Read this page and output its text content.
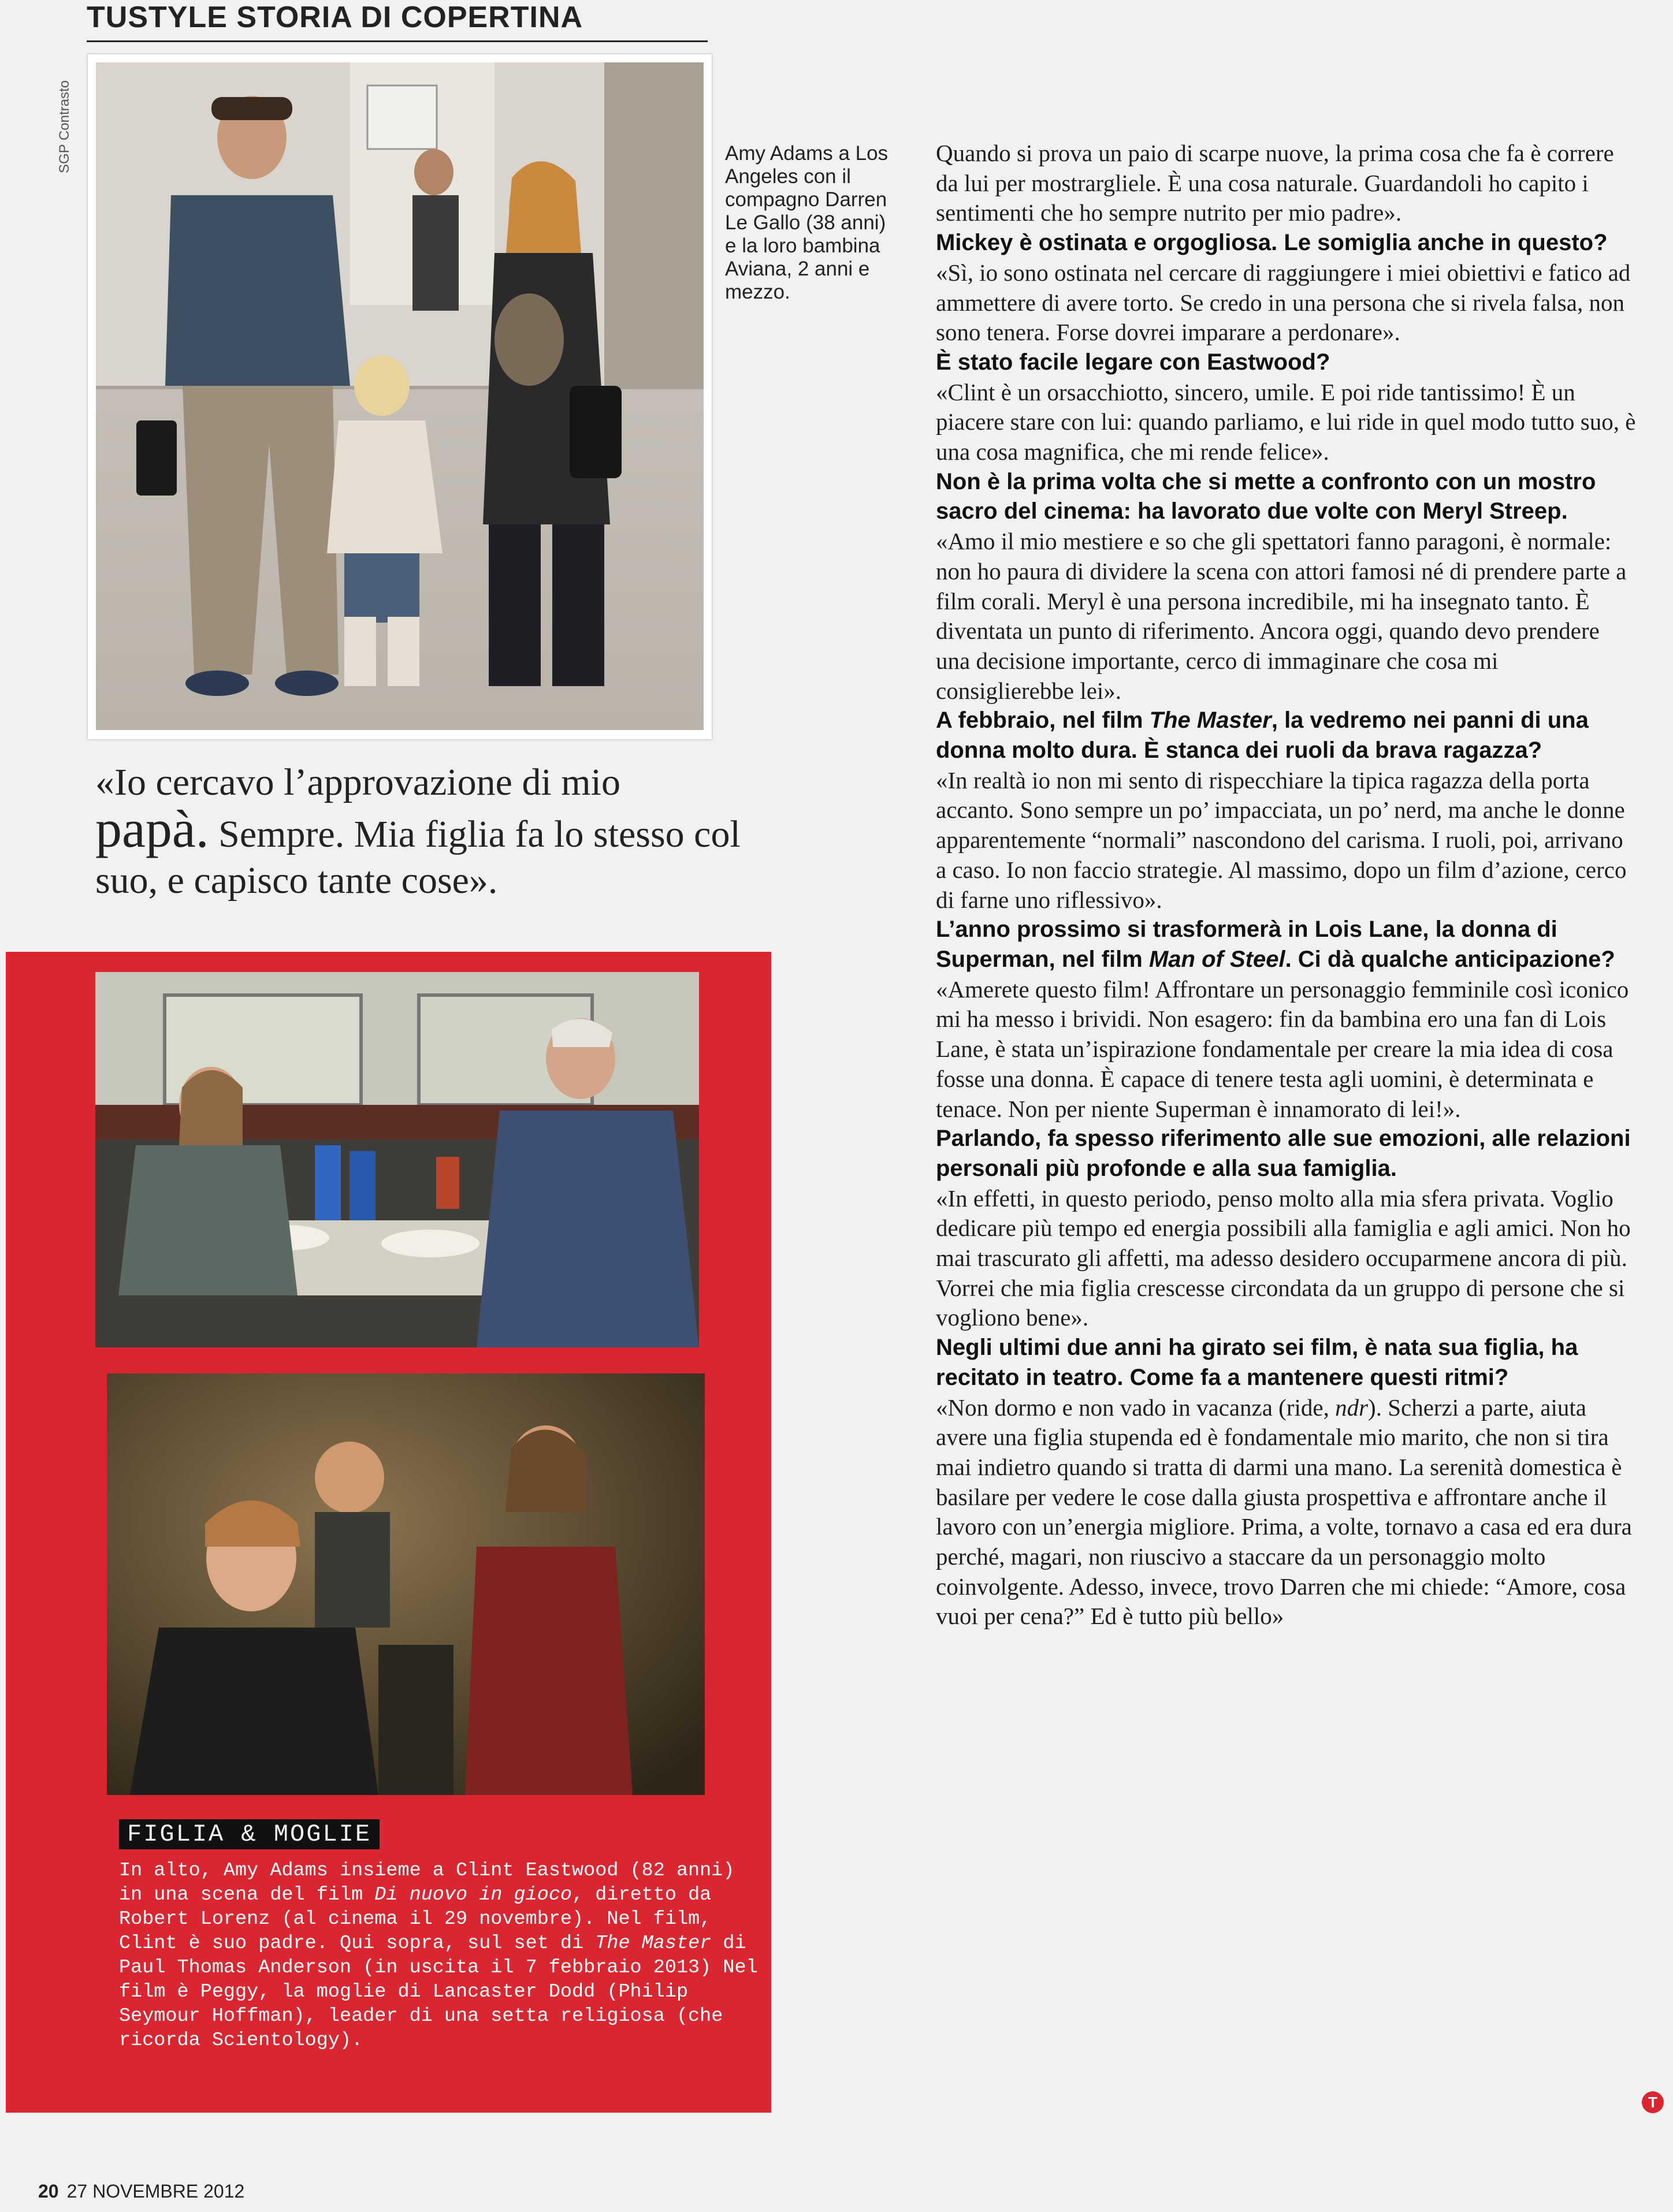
TUSTYLE STORIA DI COPERTINA
SGP Contrasto	Amy Adams a Los Angeles con il compagno Darren Le Gallo (38 anni) e la loro bambina Aviana, 2 anni e mezzo.
«Io cercavo l’approvazione di mio papà. Sempre. Mia figlia fa lo stesso col suo, e capisco tante cose».
FIGLIA & MOGLIE
In alto, Amy Adams insieme a Clint Eastwood (82 anni) in una scena del film Di nuovo in gioco, diretto da Robert Lorenz (al cinema il 29 novembre). Nel film, Clint è suo padre. Qui sopra, sul set di The Master di Paul Thomas Anderson (in uscita il 7 febbraio 2013) Nel film è Peggy, la moglie di Lancaster Dodd (Philip Seymour Hoffman), leader di una setta religiosa (che ricorda Scientology).

Quando si prova un paio di scarpe nuove, la prima cosa che fa è correre da lui per mostrargliele. È una cosa naturale. Guardandoli ho capito i sentimenti che ho sempre nutrito per mio padre».

Mickey è ostinata e orgogliosa. Le somiglia anche in questo?

«Sì, io sono ostinata nel cercare di raggiungere i miei obiettivi e fatico ad ammettere di avere torto. Se credo in una persona che si rivela falsa, non sono tenera. Forse dovrei imparare a perdonare».

È stato facile legare con Eastwood?

«Clint è un orsacchiotto, sincero, umile. E poi ride tantissimo! È un piacere stare con lui: quando parliamo, e lui ride in quel modo tutto suo, è una cosa magnifica, che mi rende felice».

Non è la prima volta che si mette a confronto con un mostro sacro del cinema: ha lavorato due volte con Meryl Streep.

«Amo il mio mestiere e so che gli spettatori fanno paragoni, è normale: non ho paura di dividere la scena con attori famosi né di prendere parte a film corali. Meryl è una persona incredibile, mi ha insegnato tanto. È diventata un punto di riferimento. Ancora oggi, quando devo prendere una decisione importante, cerco di immaginare che cosa mi consiglierebbe lei».

A febbraio, nel film The Master, la vedremo nei panni di una donna molto dura. È stanca dei ruoli da brava ragazza?

«In realtà io non mi sento di rispecchiare la tipica ragazza della porta accanto. Sono sempre un po’ impacciata, un po’ nerd, ma anche le donne apparentemente “normali” nascondono del carisma. I ruoli, poi, arrivano a caso. Io non faccio strategie. Al massimo, dopo un film d’azione, cerco di farne uno riflessivo».

L’anno prossimo si trasformerà in Lois Lane, la donna di Superman, nel film Man of Steel. Ci dà qualche anticipazione?

«Amerete questo film! Affrontare un personaggio femminile così iconico mi ha messo i brividi. Non esagero: fin da bambina ero una fan di Lois Lane, è stata un’ispirazione fondamentale per creare la mia idea di cosa fosse una donna. È capace di tenere testa agli uomini, è determinata e tenace. Non per niente Superman è innamorato di lei!».

Parlando, fa spesso riferimento alle sue emozioni, alle relazioni personali più profonde e alla sua famiglia.

«In effetti, in questo periodo, penso molto alla mia sfera privata. Voglio dedicare più tempo ed energia possibili alla famiglia e agli amici. Non ho mai trascurato gli affetti, ma adesso desidero occuparmene ancora di più. Vorrei che mia figlia crescesse circondata da un gruppo di persone che si vogliono bene».

Negli ultimi due anni ha girato sei film, è nata sua figlia, ha recitato in teatro. Come fa a mantenere questi ritmi?

«Non dormo e non vado in vacanza (ride, ndr). Scherzi a parte, aiuta avere una figlia stupenda ed è fondamentale mio marito, che non si tira mai indietro quando si tratta di darmi una mano. La serenità domestica è basilare per vedere le cose dalla giusta prospettiva e affrontare anche il lavoro con un’energia migliore. Prima, a volte, tornavo a casa ed era dura perché, magari, non riuscivo a staccare da un personaggio molto coinvolgente. Adesso, invece, trovo Darren che mi chiede: “Amore, cosa vuoi per cena?” Ed è tutto più bello»

T
20 27 NOVEMBRE 2012
